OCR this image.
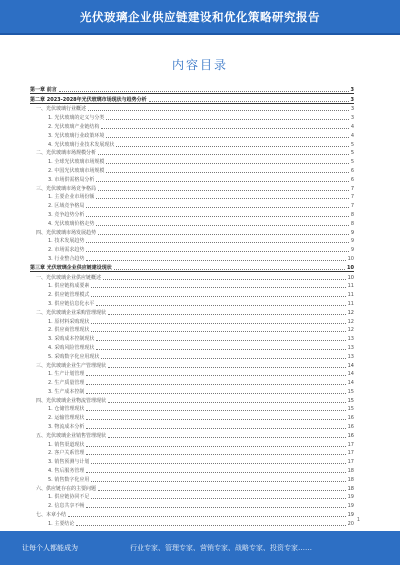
光伏玻璃企业供应链建设和优化策略研究报告
内容目录
第一章 前言	3
第二章 2023-2028年光伏玻璃市场现状与趋势分析	3
一、光伏玻璃行业概述	3
1. 光伏玻璃的定义与分类	3
2. 光伏玻璃产业链结构	4
3. 光伏玻璃行业政策环境	4
4. 光伏玻璃行业技术发展现状	5
二、光伏玻璃市场规模分析	5
1. 全球光伏玻璃市场规模	5
2. 中国光伏玻璃市场规模	6
3. 市场供需格局分析	6
三、光伏玻璃市场竞争格局	7
1. 主要企业市场份额	7
2. 区域竞争格局	7
3. 竞争趋势分析	8
4. 光伏玻璃价格走势	8
四、光伏玻璃市场发展趋势	9
1. 技术发展趋势	9
2. 市场需求趋势	9
3. 行业整合趋势	10
第三章 光伏玻璃企业供应链建设现状	10
一、光伏玻璃企业供应链概述	10
1. 供应链构成要素	11
2. 供应链管理模式	11
3. 供应链信息化水平	11
二、光伏玻璃企业采购管理现状	12
1. 原材料采购现状	12
2. 供应商管理现状	12
3. 采购成本控制现状	13
4. 采购风险管理现状	13
5. 采购数字化应用现状	13
三、光伏玻璃企业生产管理现状	14
1. 生产计划管理	14
2. 生产质量管理	14
3. 生产成本控制	15
四、光伏玻璃企业物流管理现状	15
1. 仓储管理现状	15
2. 运输管理现状	16
3. 物流成本分析	16
五、光伏玻璃企业销售管理现状	16
1. 销售渠道现状	17
2. 客户关系管理	17
3. 销售预测与计划	17
4. 售后服务管理	18
5. 销售数字化应用	18
六、供应链存在的主要问题	18
1. 供应链协同不足	19
2. 信息共享不畅	19
七、本章小结	19
1. 主要结论	20
1
让每个人都能成为	行业专家、管理专家、营销专家、战略专家、投资专家……
